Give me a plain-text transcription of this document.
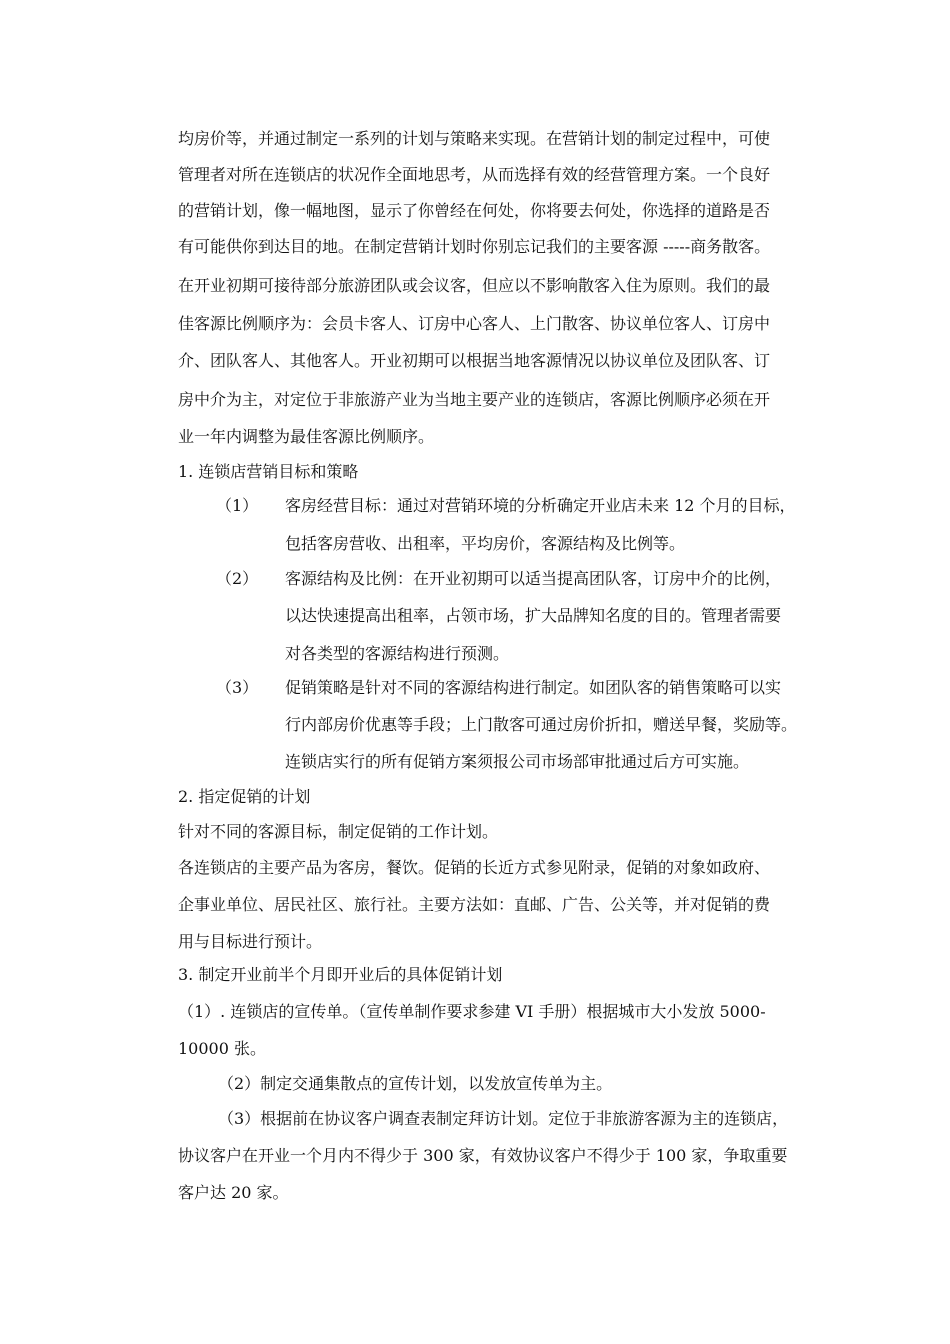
均房价等，并通过制定一系列的计划与策略来实现。在营销计划的制定过程中，可使
管理者对所在连锁店的状况作全面地思考，从而选择有效的经营管理方案。一个良好
的营销计划，像一幅地图，显示了你曾经在何处，你将要去何处，你选择的道路是否
有可能供你到达目的地。在制定营销计划时你别忘记我们的主要客源 -----商务散客。
在开业初期可接待部分旅游团队或会议客，但应以不影响散客入住为原则。我们的最
佳客源比例顺序为：会员卡客人、订房中心客人、上门散客、协议单位客人、订房中
介、团队客人、其他客人。开业初期可以根据当地客源情况以协议单位及团队客、订
房中介为主，对定位于非旅游产业为当地主要产业的连锁店，客源比例顺序必须在开
业一年内调整为最佳客源比例顺序。
1. 连锁店营销目标和策略
（1） 客房经营目标：通过对营销环境的分析确定开业店未来 12 个月的目标，
包括客房营收、出租率，平均房价，客源结构及比例等。
（2） 客源结构及比例：在开业初期可以适当提高团队客，订房中介的比例，
以达快速提高出租率，占领市场，扩大品牌知名度的目的。管理者需要
对各类型的客源结构进行预测。
（3） 促销策略是针对不同的客源结构进行制定。如团队客的销售策略可以实
行内部房价优惠等手段；上门散客可通过房价折扣，赠送早餐，奖励等。
连锁店实行的所有促销方案须报公司市场部审批通过后方可实施。
2. 指定促销的计划
针对不同的客源目标，制定促销的工作计划。
各连锁店的主要产品为客房，餐饮。促销的长近方式参见附录，促销的对象如政府、
企事业单位、居民社区、旅行社。主要方法如：直邮、广告、公关等，并对促销的费
用与目标进行预计。
3. 制定开业前半个月即开业后的具体促销计划
（1）. 连锁店的宣传单。（宣传单制作要求参建 VI 手册）根据城市大小发放 5000-
10000 张。
（2）制定交通集散点的宣传计划，以发放宣传单为主。
（3）根据前在协议客户调查表制定拜访计划。定位于非旅游客源为主的连锁店，
协议客户在开业一个月内不得少于 300 家，有效协议客户不得少于 100 家，争取重要
客户达 20 家。
